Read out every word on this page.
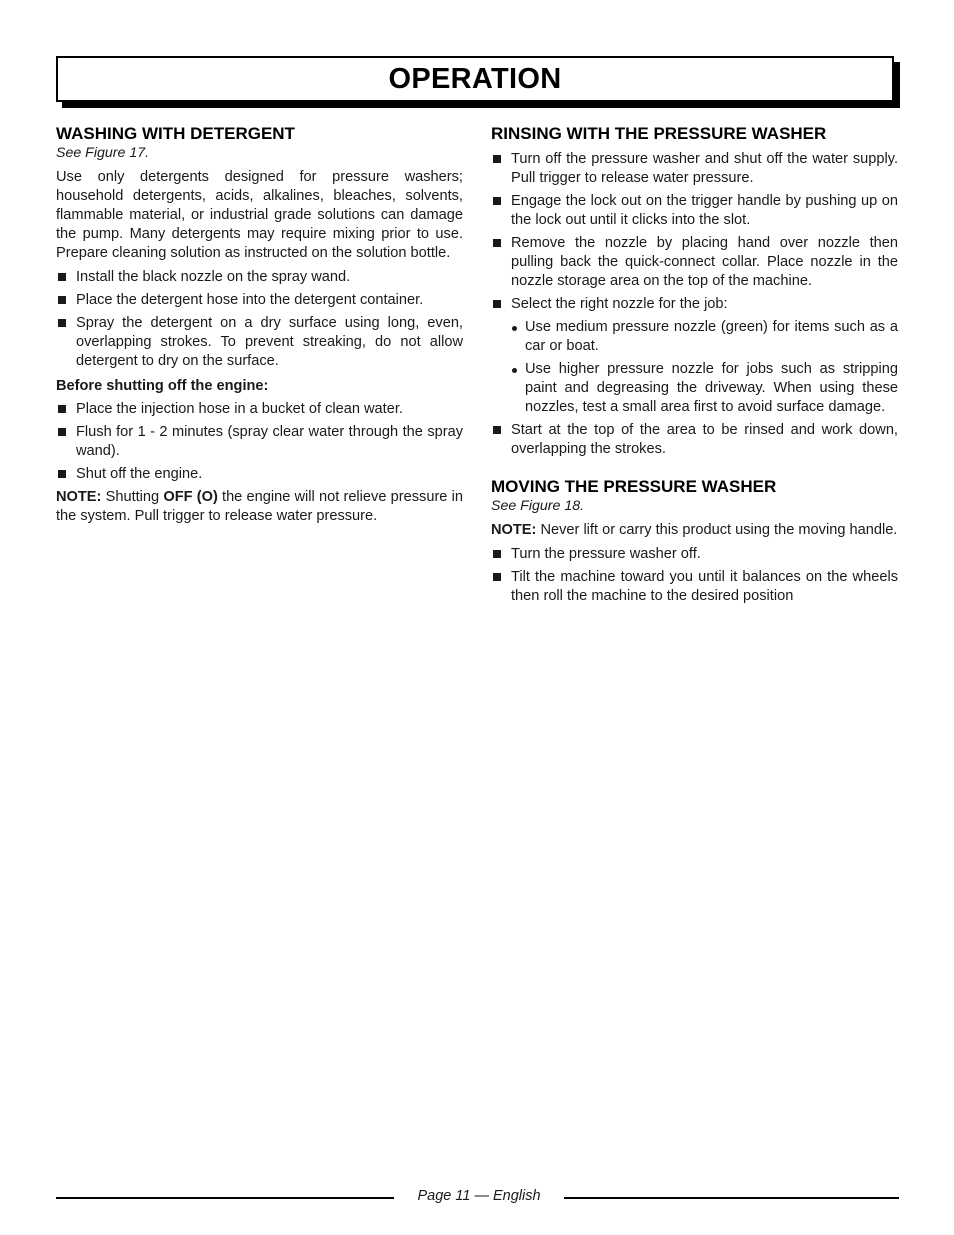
OPERATION
WASHING WITH DETERGENT
See Figure 17.

Use only detergents designed for pressure washers; household detergents, acids, alkalines, bleaches, solvents, flammable material, or industrial grade solutions can damage the pump. Many detergents may require mixing prior to use. Prepare cleaning solution as instructed on the solution bottle.

Install the black nozzle on the spray wand.
Place the detergent hose into the detergent container.
Spray the detergent on a dry surface using long, even, overlapping strokes. To prevent streaking, do not allow detergent to dry on the surface.
Before shutting off the engine:
Place the injection hose in a bucket of clean water.
Flush for 1 - 2 minutes (spray clear water through the spray wand).
Shut off the engine.

NOTE: Shutting OFF (O) the engine will not relieve pressure in the system. Pull trigger to release water pressure.

RINSING WITH THE PRESSURE WASHER
Turn off the pressure washer and shut off the water supply. Pull trigger to release water pressure.
Engage the lock out on the trigger handle by pushing up on the lock out until it clicks into the slot.
Remove the nozzle by placing hand over nozzle then pulling back the quick-connect collar. Place nozzle in the nozzle storage area on the top of the machine.
Select the right nozzle for the job:
Use medium pressure nozzle (green) for items such as a car or boat.
Use higher pressure nozzle for jobs such as stripping paint and degreasing the driveway. When using these nozzles, test a small area first to avoid surface damage.
Start at the top of the area to be rinsed and work down, overlapping the strokes.
MOVING THE PRESSURE WASHER
See Figure 18.

NOTE: Never lift or carry this product using the moving handle.

Turn the pressure washer off.
Tilt the machine toward you until it balances on the wheels then roll the machine to the desired position
Page 11 — English
